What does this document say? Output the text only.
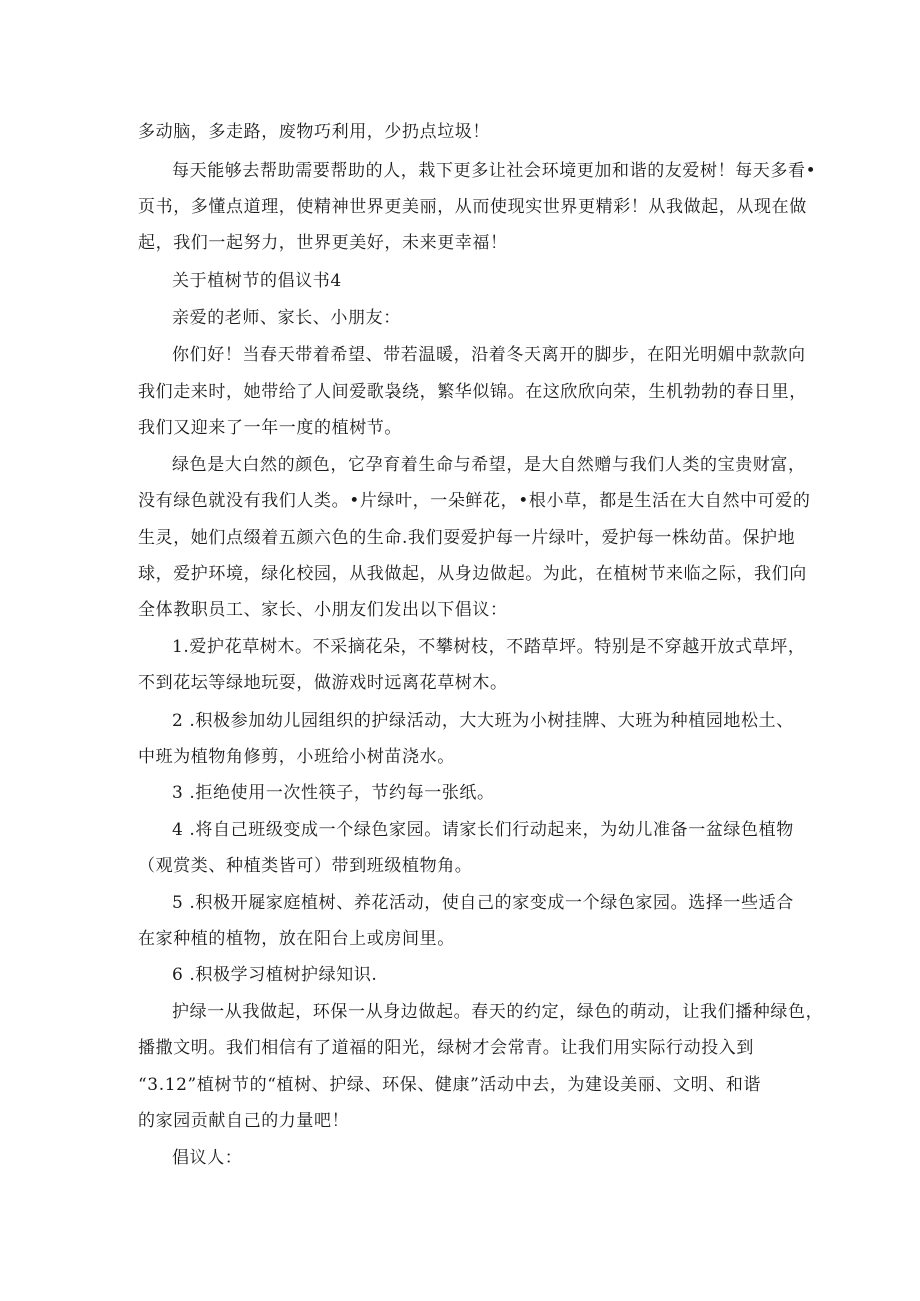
多动脑，多走路，废物巧利用，少扔点垃圾！
每天能够去帮助需要帮助的人，栽下更多让社会环境更加和谐的友爱树！每天多看•
页书，多懂点道理，使精神世界更美丽，从而使现实世界更精彩！从我做起，从现在做
起，我们一起努力，世界更美好，未来更幸福！
关于植树节的倡议书4
亲爱的老师、家长、小朋友：
你们好！当春天带着希望、带若温暖，沿着冬天离开的脚步，在阳光明媚中款款向
我们走来时，她带给了人间爱歌袅绕，繁华似锦。在这欣欣向荣，生机勃勃的春日里，
我们又迎来了一年一度的植树节。
绿色是大白然的颜色，它孕育着生命与希望，是大自然赠与我们人类的宝贵财富，
没有绿色就没有我们人类。•片绿叶，一朵鲜花，•根小草，都是生活在大自然中可爱的
生灵，她们点缀着五颜六色的生命.我们耍爱护每一片绿叶，爱护每一株幼苗。保护地
球，爱护环境，绿化校园，从我做起，从身边做起。为此，在植树节来临之际，我们向
全体教职员工、家长、小朋友们发出以下倡议：
1.爱护花草树木。不采摘花朵，不攀树枝，不踏草坪。特别是不穿越开放式草坪，
不到花坛等绿地玩耍，做游戏时远离花草树木。
2 .积极参加幼儿园组织的护绿活动，大大班为小树挂牌、大班为种植园地松土、
中班为植物角修剪，小班给小树苗浇水。
3 .拒绝使用一次性筷子，节约每一张纸。
4 .将自己班级变成一个绿色家园。请家长们行动起来，为幼儿准备一盆绿色植物
（观赏类、种植类皆可）带到班级植物角。
5 .积极开屣家庭植树、养花活动，使自己的家变成一个绿色家园。选择一些适合
在家种植的植物，放在阳台上或房间里。
6 .积极学习植树护绿知识.
护绿一从我做起，环保一从身边做起。春天的约定，绿色的萌动，让我们播种绿色，
播撒文明。我们相信有了道福的阳光，绿树才会常青。让我们用实际行动投入到
“3.12”植树节的“植树、护绿、环保、健康”活动中去，为建设美丽、文明、和谐
的家园贡献自己的力量吧！
倡议人：
